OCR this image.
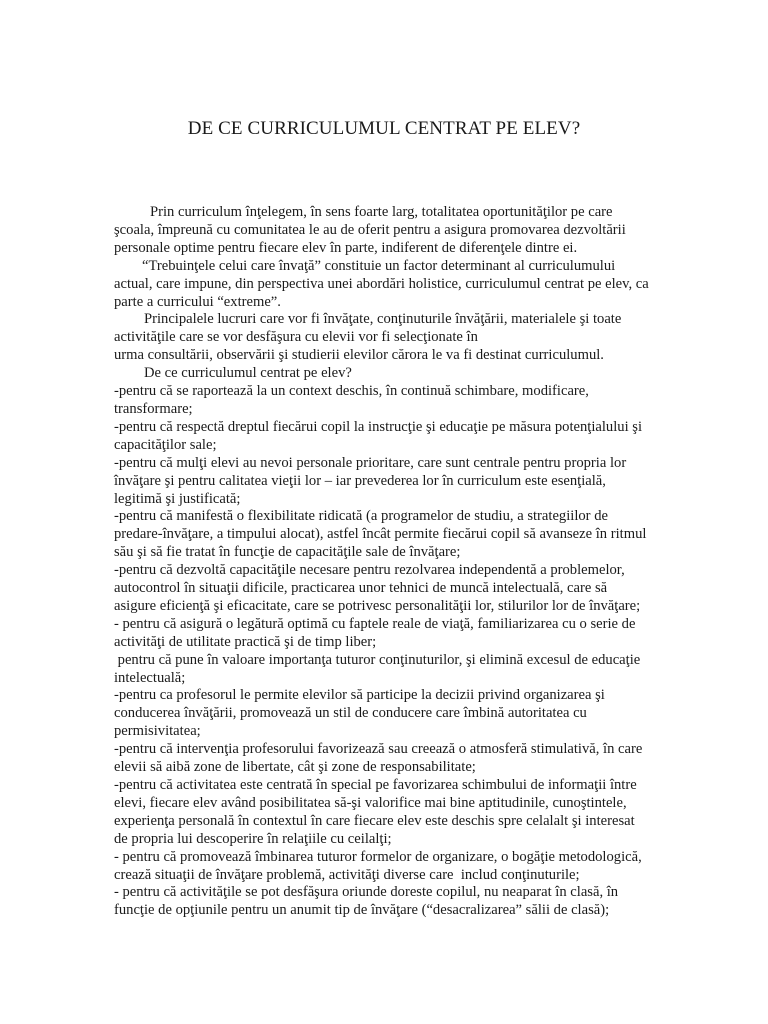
DE CE CURRICULUMUL CENTRAT PE ELEV?
Prin curriculum înţelegem, în sens foarte larg, totalitatea oportunităţilor pe care
şcoala, împreună cu comunitatea le au de oferit pentru a asigura promovarea dezvoltării
personale optime pentru fiecare elev în parte, indiferent de diferenţele dintre ei.
“Trebuinţele celui care învaţă” constituie un factor determinant al curriculumului
actual, care impune, din perspectiva unei abordări holistice, curriculumul centrat pe elev, ca
parte a curricului “extreme”.
Principalele lucruri care vor fi învăţate, conţinuturile învăţării, materialele şi toate
activităţile care se vor desfăşura cu elevii vor fi selecţionate în
urma consultării, observării şi studierii elevilor cărora le va fi destinat curriculumul.
De ce curriculumul centrat pe elev?
-pentru că se raportează la un context deschis, în continuă schimbare, modificare,
transformare;
-pentru că respectă dreptul fiecărui copil la instrucţie şi educaţie pe măsura potenţialului şi
capacităţilor sale;
-pentru că mulţi elevi au nevoi personale prioritare, care sunt centrale pentru propria lor
învăţare şi pentru calitatea vieţii lor – iar prevederea lor în curriculum este esenţială,
legitimă şi justificată;
-pentru că manifestă o flexibilitate ridicată (a programelor de studiu, a strategiilor de
predare-învăţare, a timpului alocat), astfel încât permite fiecărui copil să avanseze în ritmul
său şi să fie tratat în funcţie de capacităţile sale de învăţare;
-pentru că dezvoltă capacităţile necesare pentru rezolvarea independentă a problemelor,
autocontrol în situaţii dificile, practicarea unor tehnici de muncă intelectuală, care să
asigure eficienţă şi eficacitate, care se potrivesc personalităţii lor, stilurilor lor de învăţare;
- pentru că asigură o legătură optimă cu faptele reale de viaţă, familiarizarea cu o serie de
activităţi de utilitate practică şi de timp liber;
pentru că pune în valoare importanţa tuturor conţinuturilor, şi elimină excesul de educaţie
intelectuală;
-pentru ca profesorul le permite elevilor să participe la decizii privind organizarea şi
conducerea învăţării, promovează un stil de conducere care îmbină autoritatea cu
permisivitatea;
-pentru că intervenţia profesorului favorizează sau creează o atmosferă stimulativă, în care
elevii să aibă zone de libertate, cât şi zone de responsabilitate;
-pentru că activitatea este centrată în special pe favorizarea schimbului de informaţii între
elevi, fiecare elev având posibilitatea să-şi valorifice mai bine aptitudinile, cunoştintele,
experienţa personală în contextul în care fiecare elev este deschis spre celalalt şi interesat
de propria lui descoperire în relaţiile cu ceilalţi;
- pentru că promovează îmbinarea tuturor formelor de organizare, o bogăţie metodologică,
crează situaţii de învăţare problemă, activităţi diverse care  includ conţinuturile;
- pentru că activităţile se pot desfăşura oriunde doreste copilul, nu neaparat în clasă, în
funcţie de opţiunile pentru un anumit tip de învăţare (“desacralizarea” sălii de clasă);
